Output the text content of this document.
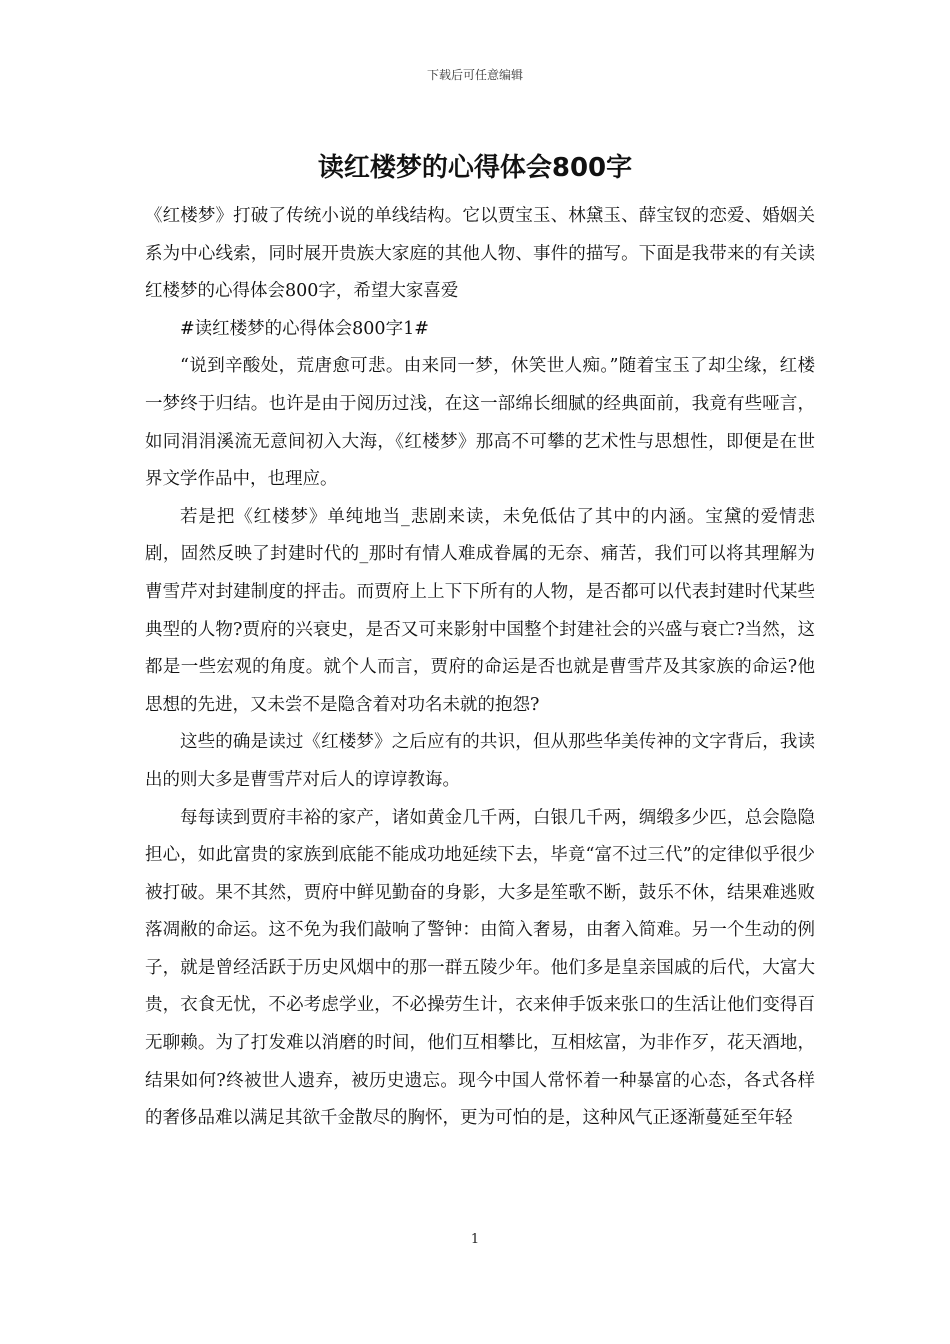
下载后可任意编辑
读红楼梦的心得体会800字

《红楼梦》打破了传统小说的单线结构。它以贾宝玉、林黛玉、薛宝钗的恋爱、婚姻关系为中心线索，同时展开贵族大家庭的其他人物、事件的描写。下面是我带来的有关读红楼梦的心得体会800字，希望大家喜爱

#读红楼梦的心得体会800字1#

“说到辛酸处，荒唐愈可悲。由来同一梦，休笑世人痴。”随着宝玉了却尘缘，红楼一梦终于归结。也许是由于阅历过浅，在这一部绵长细腻的经典面前，我竟有些哑言，如同涓涓溪流无意间初入大海，《红楼梦》那高不可攀的艺术性与思想性，即便是在世界文学作品中，也理应。

若是把《红楼梦》单纯地当_悲剧来读，未免低估了其中的内涵。宝黛的爱情悲剧，固然反映了封建时代的_那时有情人难成眷属的无奈、痛苦，我们可以将其理解为曹雪芹对封建制度的抨击。而贾府上上下下所有的人物，是否都可以代表封建时代某些典型的人物?贾府的兴衰史，是否又可来影射中国整个封建社会的兴盛与衰亡?当然，这都是一些宏观的角度。就个人而言，贾府的命运是否也就是曹雪芹及其家族的命运?他思想的先进，又未尝不是隐含着对功名未就的抱怨?

这些的确是读过《红楼梦》之后应有的共识，但从那些华美传神的文字背后，我读出的则大多是曹雪芹对后人的谆谆教诲。

每每读到贾府丰裕的家产，诸如黄金几千两，白银几千两，绸缎多少匹，总会隐隐担心，如此富贵的家族到底能不能成功地延续下去，毕竟“富不过三代”的定律似乎很少被打破。果不其然，贾府中鲜见勤奋的身影，大多是笙歌不断，鼓乐不休，结果难逃败落凋敝的命运。这不免为我们敲响了警钟：由简入奢易，由奢入简难。另一个生动的例子，就是曾经活跃于历史风烟中的那一群五陵少年。他们多是皇亲国戚的后代，大富大贵，衣食无忧，不必考虑学业，不必操劳生计，衣来伸手饭来张口的生活让他们变得百无聊赖。为了打发难以消磨的时间，他们互相攀比，互相炫富，为非作歹，花天酒地，结果如何?终被世人遗弃，被历史遗忘。现今中国人常怀着一种暴富的心态，各式各样的奢侈品难以满足其欲千金散尽的胸怀，更为可怕的是，这种风气正逐渐蔓延至年轻

1
